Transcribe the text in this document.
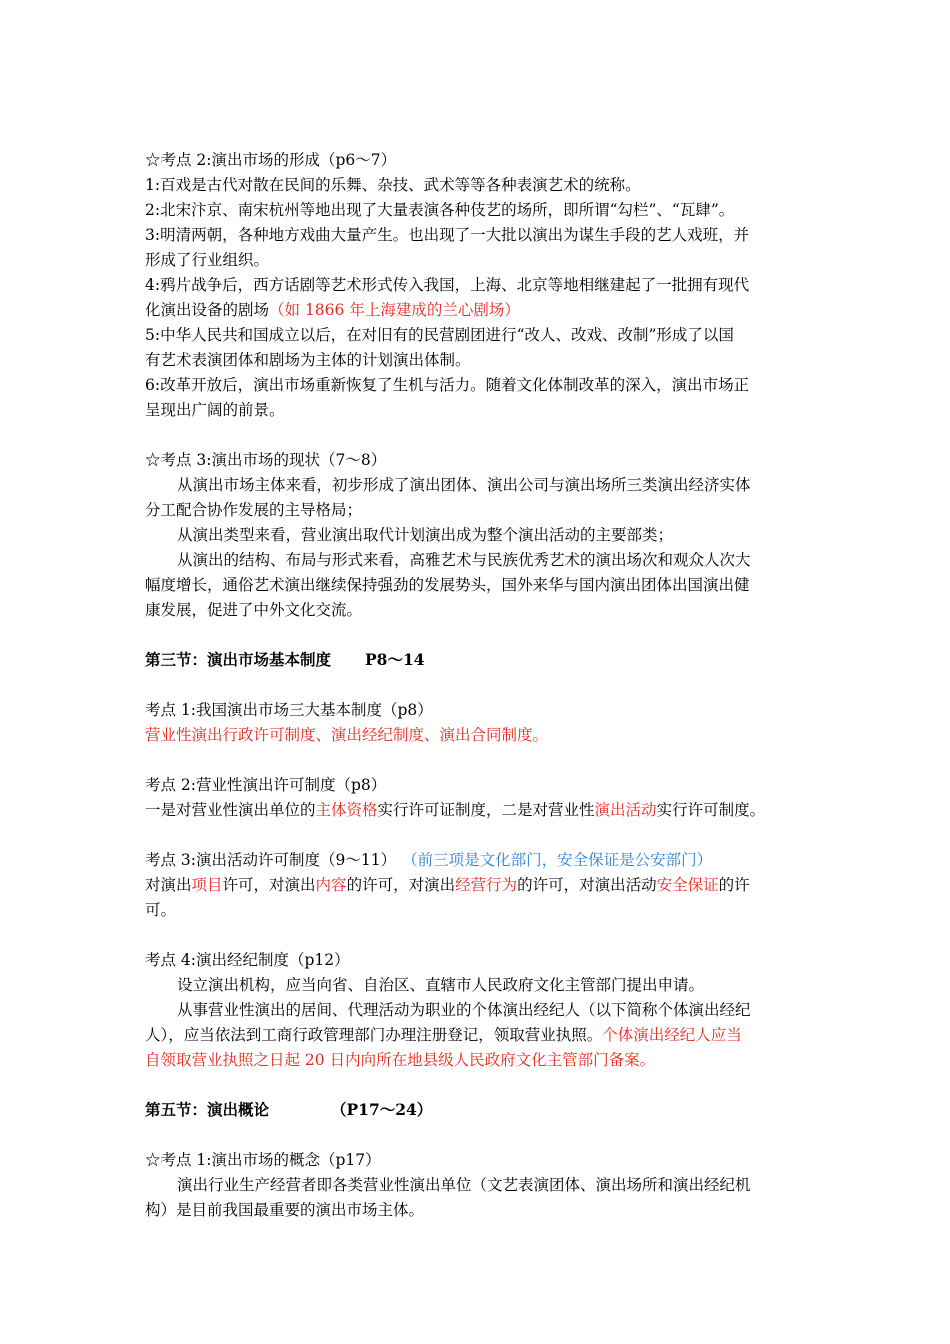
☆考点 2:演出市场的形成（p6～7）
1:百戏是古代对散在民间的乐舞、杂技、武术等等各种表演艺术的统称。
2:北宋汴京、南宋杭州等地出现了大量表演各种伎艺的场所，即所谓“勾栏”、“瓦肆”。
3:明清两朝，各种地方戏曲大量产生。也出现了一大批以演出为谋生手段的艺人戏班，并
形成了行业组织。
4:鸦片战争后，西方话剧等艺术形式传入我国，上海、北京等地相继建起了一批拥有现代
化演出设备的剧场（如 1866 年上海建成的兰心剧场）
5:中华人民共和国成立以后，在对旧有的民营剧团进行“改人、改戏、改制”形成了以国
有艺术表演团体和剧场为主体的计划演出体制。
6:改革开放后，演出市场重新恢复了生机与活力。随着文化体制改革的深入，演出市场正
呈现出广阔的前景。
☆考点 3:演出市场的现状（7～8）
从演出市场主体来看，初步形成了演出团体、演出公司与演出场所三类演出经济实体
分工配合协作发展的主导格局；
从演出类型来看，营业演出取代计划演出成为整个演出活动的主要部类；
从演出的结构、布局与形式来看，高雅艺术与民族优秀艺术的演出场次和观众人次大
幅度增长，通俗艺术演出继续保持强劲的发展势头，国外来华与国内演出团体出国演出健
康发展，促进了中外文化交流。
第三节：演出市场基本制度 P8～14
考点 1:我国演出市场三大基本制度（p8）
营业性演出行政许可制度、演出经纪制度、演出合同制度。
考点 2:营业性演出许可制度（p8）
一是对营业性演出单位的主体资格实行许可证制度，二是对营业性演出活动实行许可制度。
考点 3:演出活动许可制度（9～11） （前三项是文化部门，安全保证是公安部门）
对演出项目许可，对演出内容的许可，对演出经营行为的许可，对演出活动安全保证的许
可。
考点 4:演出经纪制度（p12）
设立演出机构，应当向省、自治区、直辖市人民政府文化主管部门提出申请。
从事营业性演出的居间、代理活动为职业的个体演出经纪人（以下简称个体演出经纪
人），应当依法到工商行政管理部门办理注册登记，领取营业执照。个体演出经纪人应当
自领取营业执照之日起 20 日内向所在地县级人民政府文化主管部门备案。
第五节：演出概论	（P17～24）
☆考点 1:演出市场的概念（p17）
演出行业生产经营者即各类营业性演出单位（文艺表演团体、演出场所和演出经纪机
构）是目前我国最重要的演出市场主体。
